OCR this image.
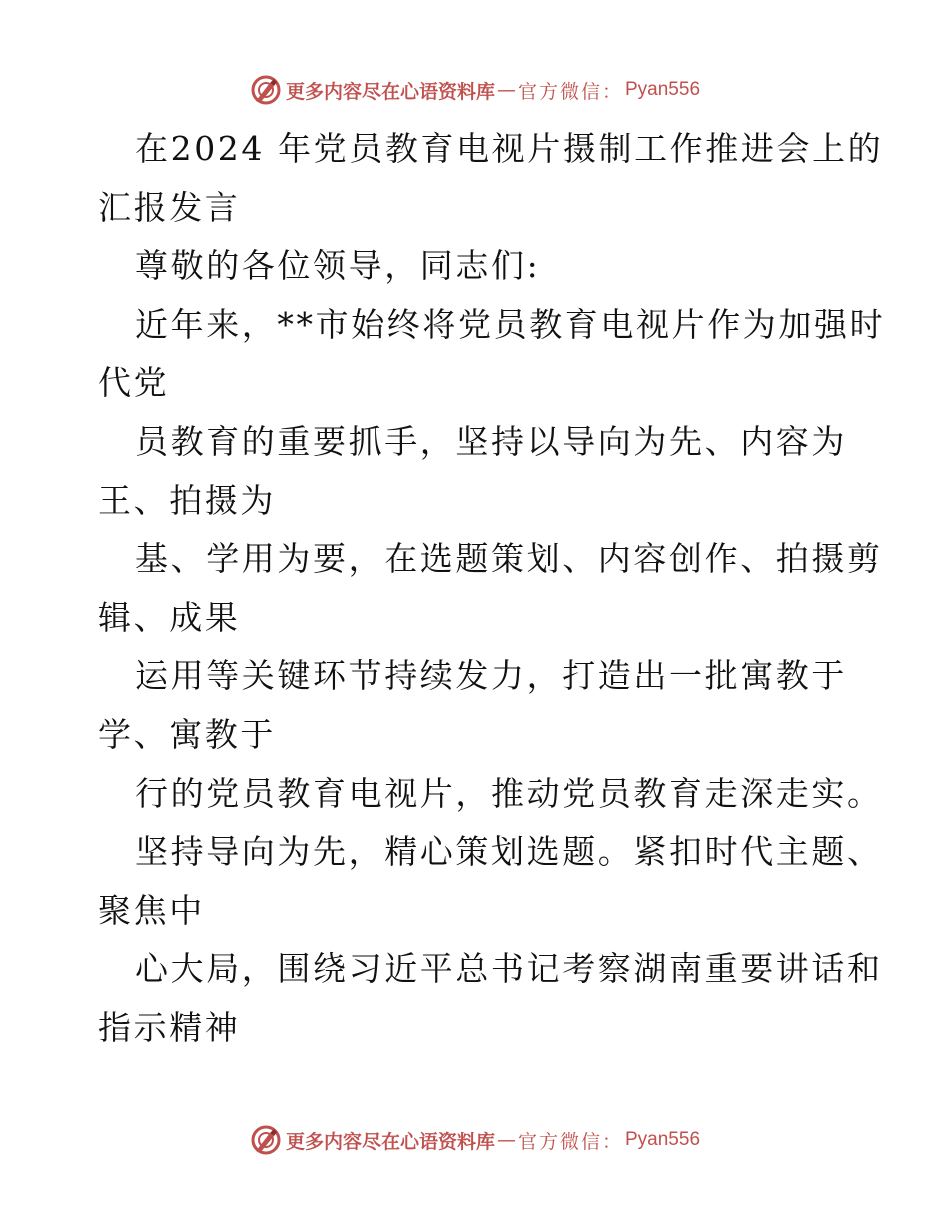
更多内容尽在心语资料库 — 官方微信： Pyan556
在2024 年党员教育电视片摄制工作推进会上的
汇报发言
尊敬的各位领导，同志们:
近年来，**市始终将党员教育电视片作为加强时
代党
员教育的重要抓手，坚持以导向为先、内容为
王、拍摄为
基、学用为要，在选题策划、内容创作、拍摄剪
辑、成果
运用等关键环节持续发力，打造出一批寓教于
学、寓教于
行的党员教育电视片，推动党员教育走深走实。
坚持导向为先，精心策划选题。紧扣时代主题、
聚焦中
心大局，围绕习近平总书记考察湖南重要讲话和
指示精神
更多内容尽在心语资料库 — 官方微信： Pyan556
